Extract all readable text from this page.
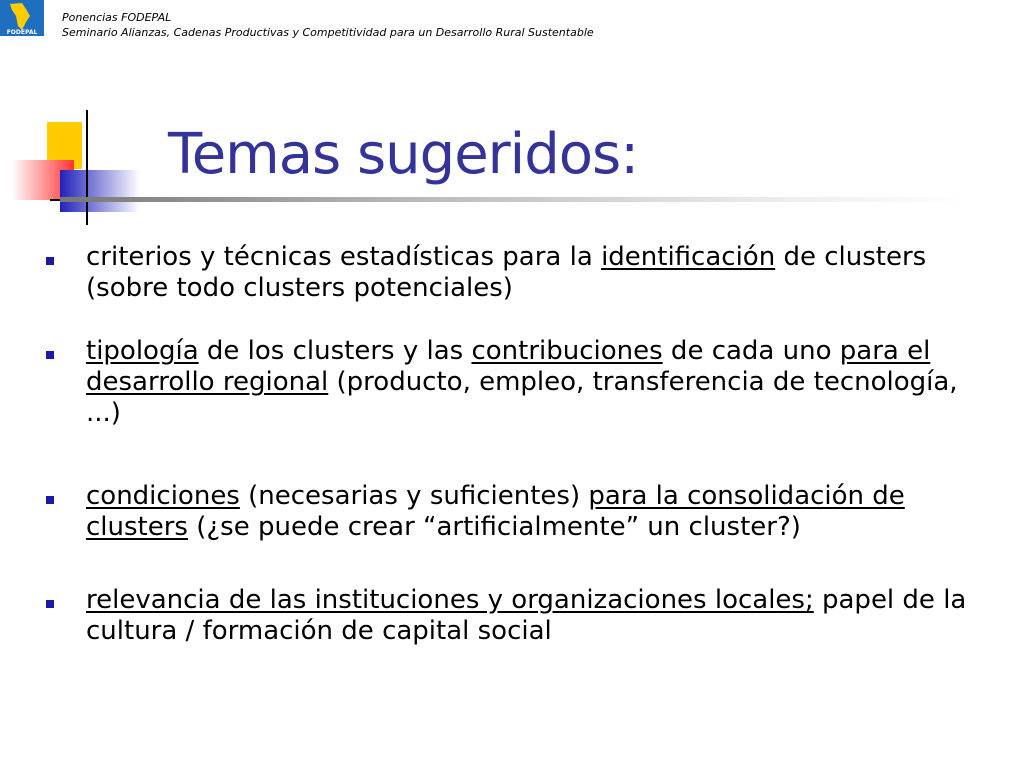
FODEPAL
Ponencias FODEPAL
Seminario Alianzas, Cadenas Productivas y Competitividad para un Desarrollo Rural Sustentable
Temas sugeridos:
criterios y técnicas estadísticas para la identificación de clusters (sobre todo clusters potenciales)
tipología de los clusters y las contribuciones de cada uno para el desarrollo regional (producto, empleo, transferencia de tecnología, ...)
condiciones (necesarias y suficientes) para la consolidación de clusters (¿se puede crear “artificialmente” un cluster?)
relevancia de las instituciones y organizaciones locales; papel de la cultura / formación de capital social
